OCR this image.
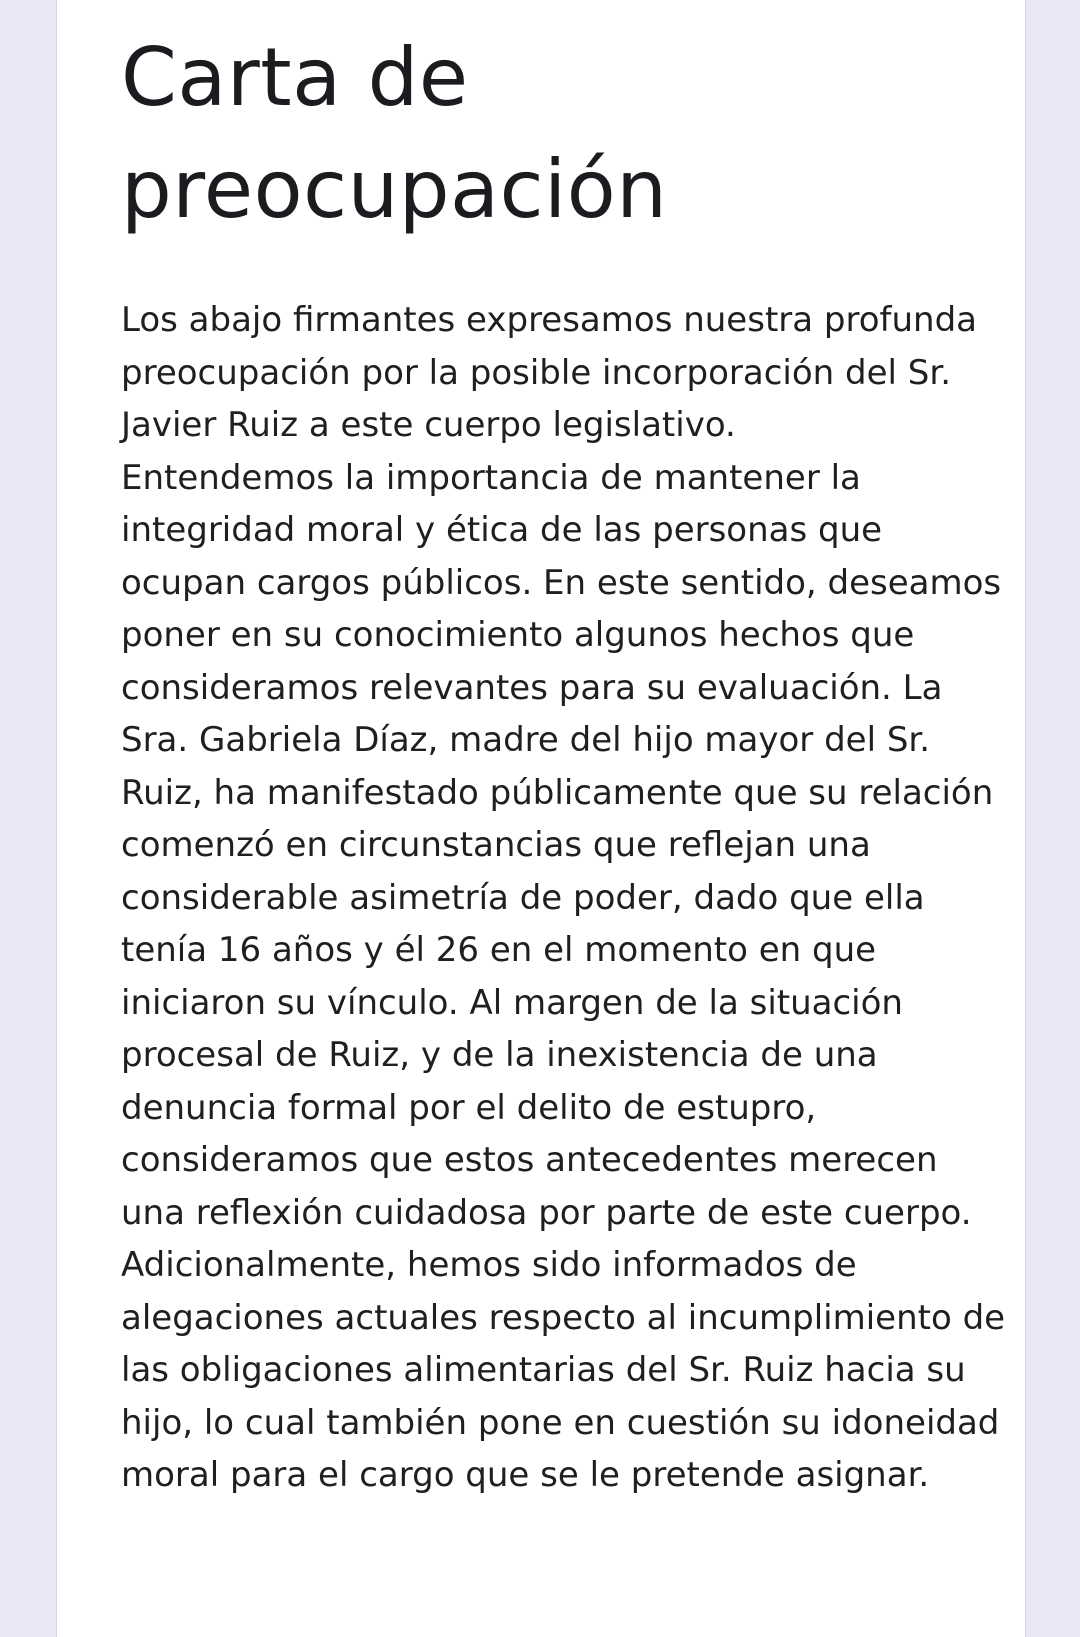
Carta de preocupación

Los abajo firmantes expresamos nuestra profunda preocupación por la posible incorporación del Sr. Javier Ruiz a este cuerpo legislativo.

Entendemos la importancia de mantener la integridad moral y ética de las personas que ocupan cargos públicos. En este sentido, deseamos poner en su conocimiento algunos hechos que consideramos relevantes para su evaluación. La Sra. Gabriela Díaz, madre del hijo mayor del Sr. Ruiz, ha manifestado públicamente que su relación comenzó en circunstancias que reflejan una considerable asimetría de poder, dado que ella tenía 16 años y él 26 en el momento en que iniciaron su vínculo. Al margen de la situación procesal de Ruiz, y de la inexistencia de una denuncia formal por el delito de estupro, consideramos que estos antecedentes merecen una reflexión cuidadosa por parte de este cuerpo.

Adicionalmente, hemos sido informados de alegaciones actuales respecto al incumplimiento de las obligaciones alimentarias del Sr. Ruiz hacia su hijo, lo cual también pone en cuestión su idoneidad moral para el cargo que se le pretende asignar.
